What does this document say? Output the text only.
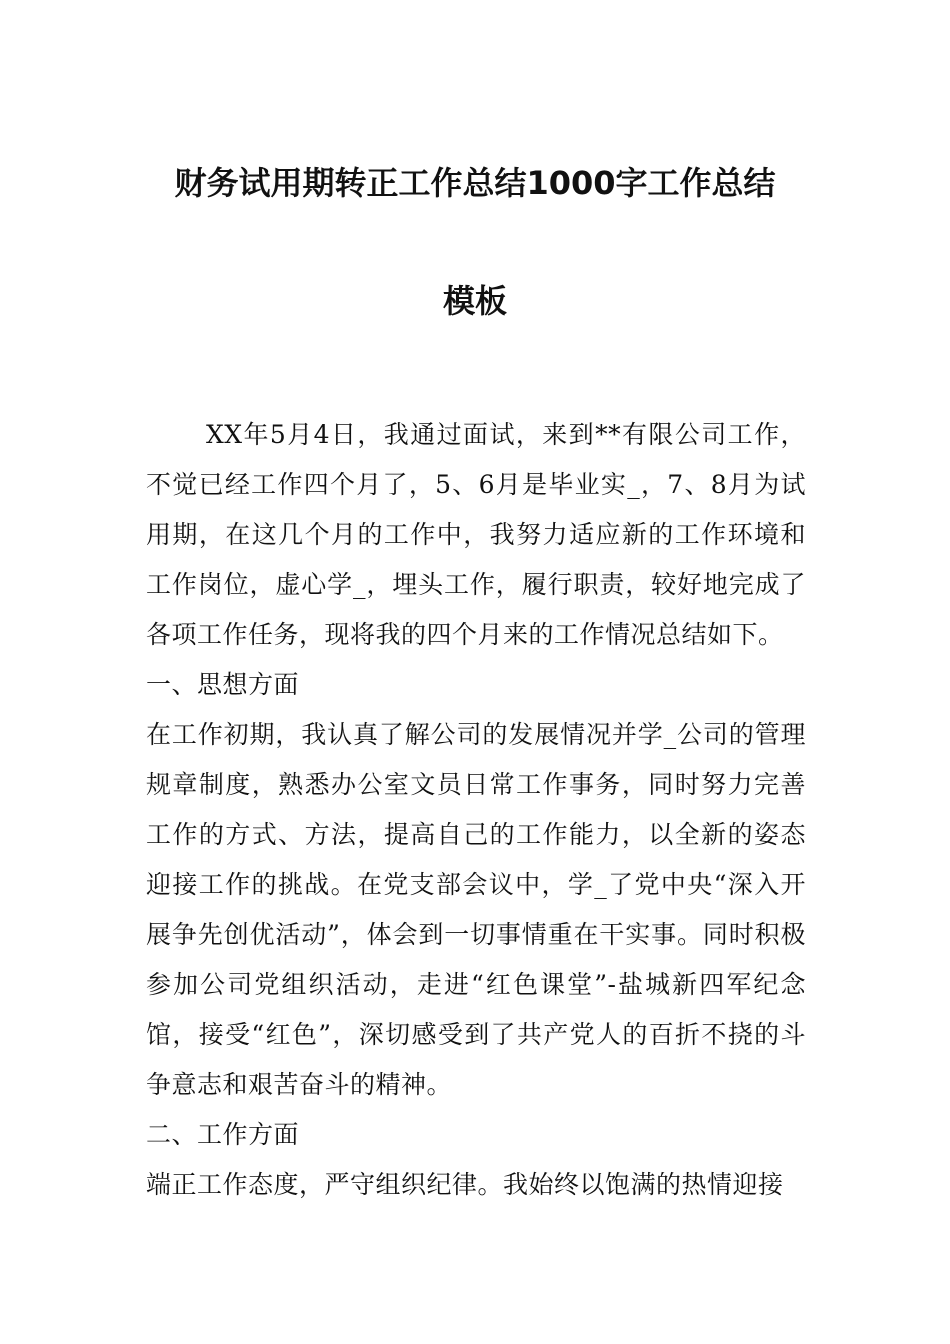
财务试用期转正工作总结1000字工作总结
模板

XX年5月4日，我通过面试，来到**有限公司工作，不觉已经工作四个月了，5、6月是毕业实_，7、8月为试用期，在这几个月的工作中，我努力适应新的工作环境和工作岗位，虚心学_，埋头工作，履行职责，较好地完成了各项工作任务，现将我的四个月来的工作情况总结如下。

一、思想方面

在工作初期，我认真了解公司的发展情况并学_公司的管理规章制度，熟悉办公室文员日常工作事务，同时努力完善工作的方式、方法，提高自己的工作能力，以全新的姿态迎接工作的挑战。在党支部会议中，学_了党中央“深入开展争先创优活动”，体会到一切事情重在干实事。同时积极参加公司党组织活动，走进“红色课堂”-盐城新四军纪念馆，接受“红色”，深切感受到了共产党人的百折不挠的斗争意志和艰苦奋斗的精神。

二、工作方面

端正工作态度，严守组织纪律。我始终以饱满的热情迎接
